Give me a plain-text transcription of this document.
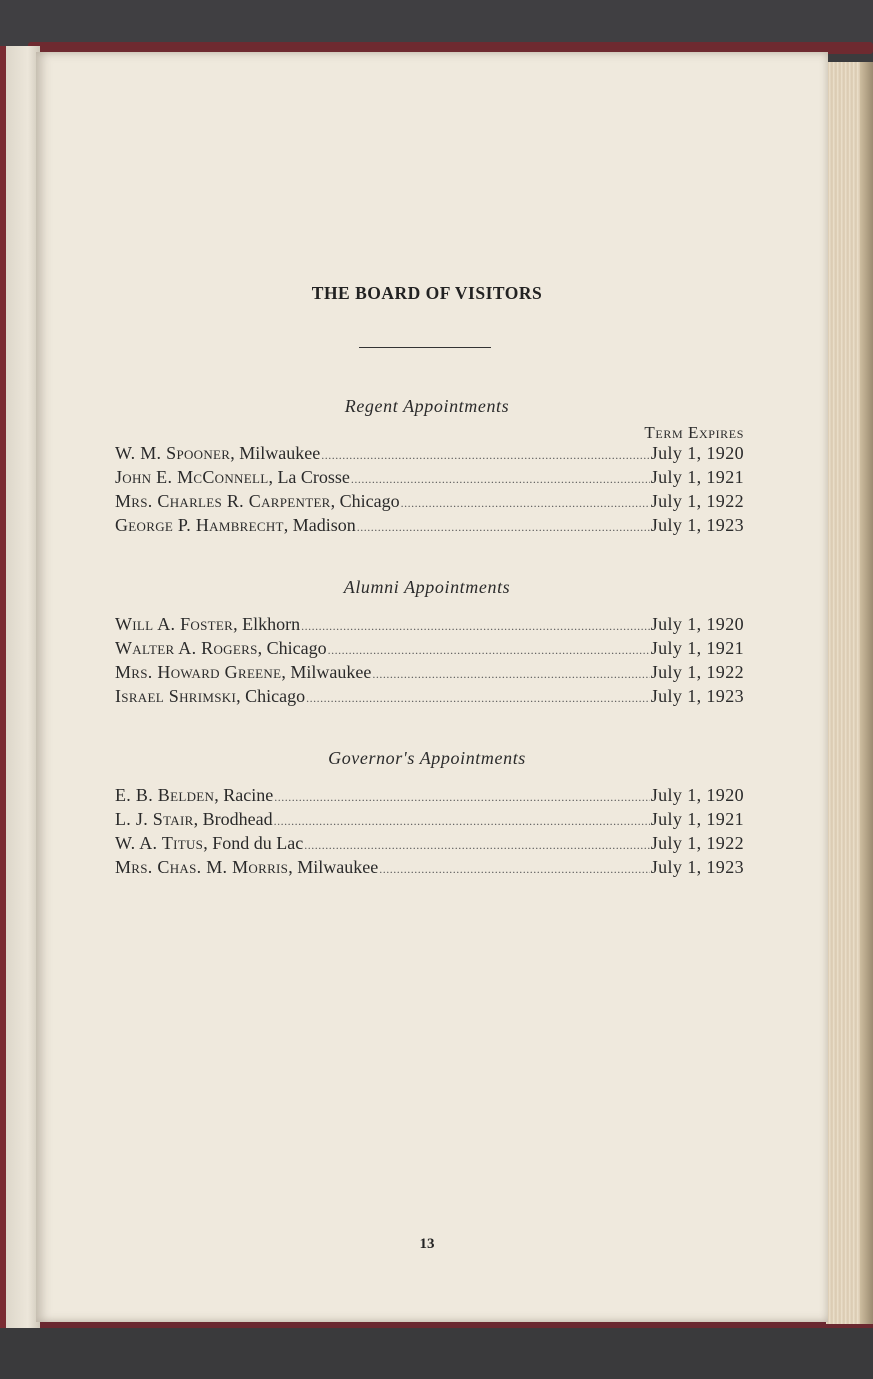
THE BOARD OF VISITORS
Term Expires
Regent Appointments
W. M. Spooner , Milwaukee .....	July 1, 1920
John E. McConnell , La Crosse .....	July 1, 1921
Mrs. Charles R. Carpenter , Chicago .....	July 1, 1922
George P. Hambrecht , Madison .....	July 1, 1923
Alumni Appointments
Will A. Foster , Elkhorn .....	July 1, 1920
Walter A. Rogers , Chicago .....	July 1, 1921
Mrs. Howard Greene , Milwaukee .....	July 1, 1922
Israel Shrimski , Chicago .....	July 1, 1923
Governor's Appointments
E. B. Belden , Racine .....	July 1, 1920
L. J. Stair , Brodhead .....	July 1, 1921
W. A. Titus , Fond du Lac .....	July 1, 1922
Mrs. Chas. M. Morris , Milwaukee .....	July 1, 1923
13
